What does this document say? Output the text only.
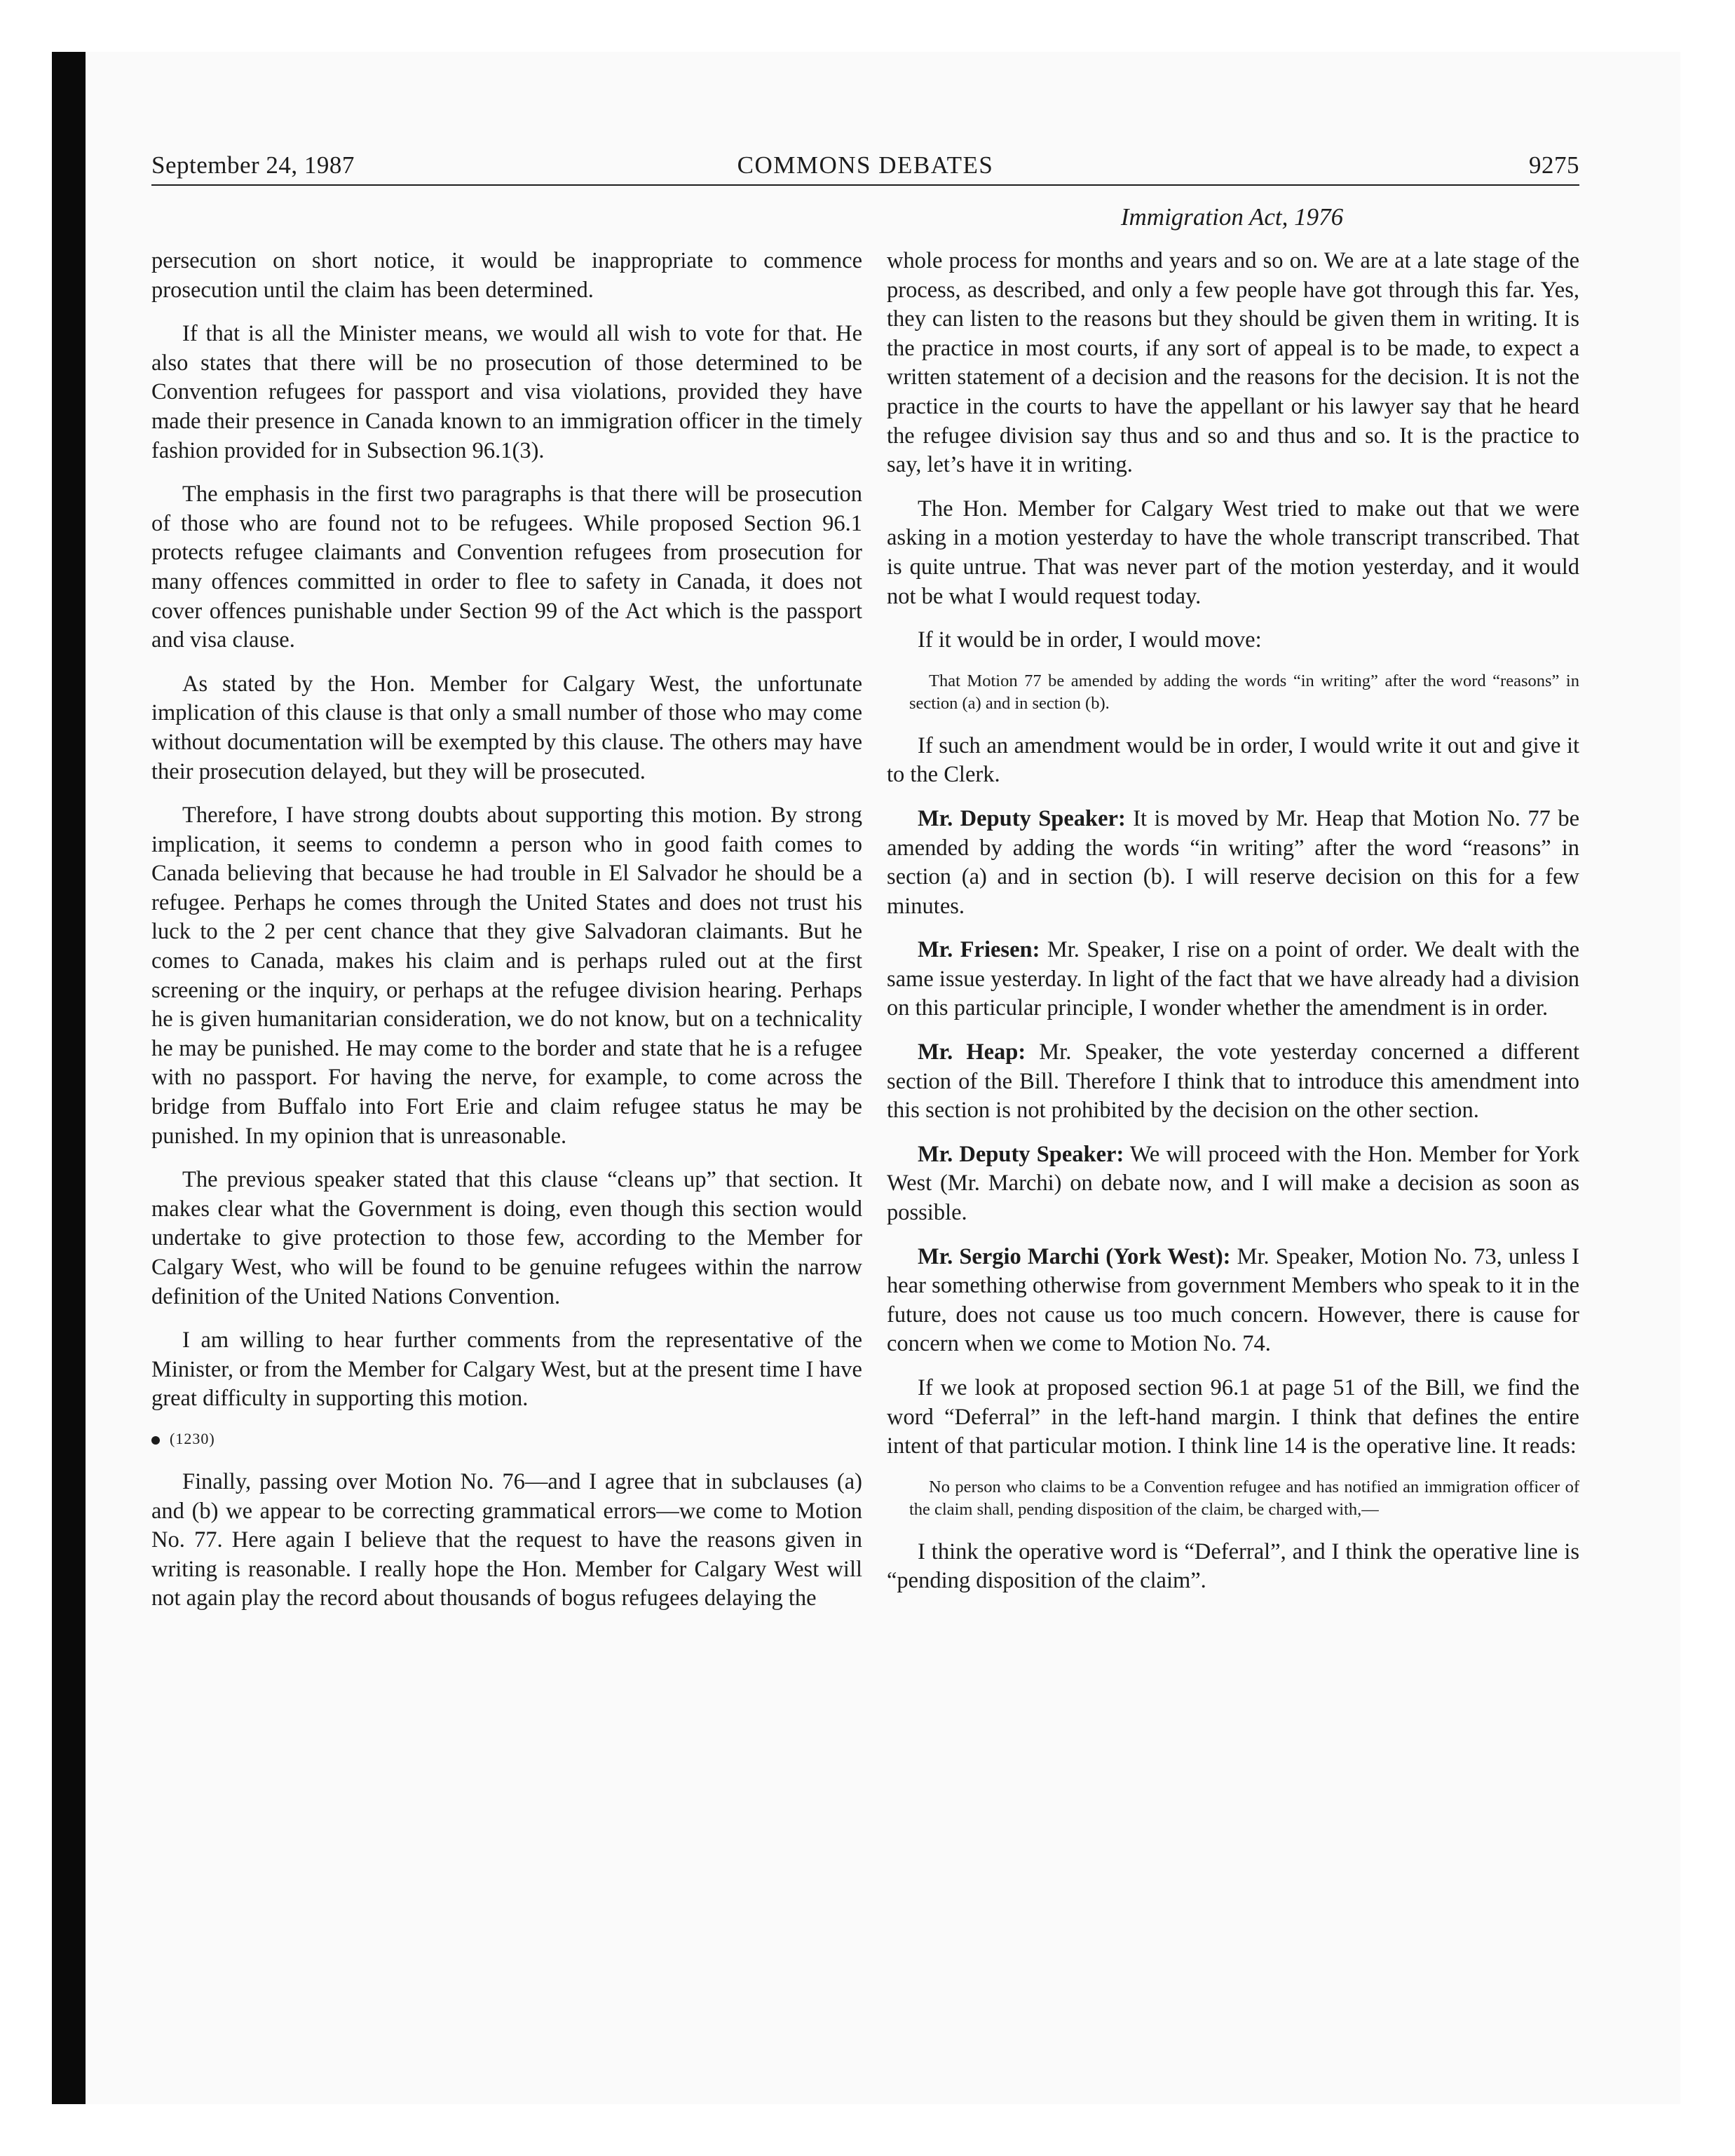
September 24, 1987	COMMONS DEBATES	9275
Immigration Act, 1976

persecution on short notice, it would be inappropriate to commence prosecution until the claim has been determined.

If that is all the Minister means, we would all wish to vote for that. He also states that there will be no prosecution of those determined to be Convention refugees for passport and visa violations, provided they have made their presence in Canada known to an immigration officer in the timely fashion provided for in Subsection 96.1(3).

The emphasis in the first two paragraphs is that there will be prosecution of those who are found not to be refugees. While proposed Section 96.1 protects refugee claimants and Convention refugees from prosecution for many offences committed in order to flee to safety in Canada, it does not cover offences punishable under Section 99 of the Act which is the passport and visa clause.

As stated by the Hon. Member for Calgary West, the unfortunate implication of this clause is that only a small number of those who may come without documentation will be exempted by this clause. The others may have their prosecution delayed, but they will be prosecuted.

Therefore, I have strong doubts about supporting this motion. By strong implication, it seems to condemn a person who in good faith comes to Canada believing that because he had trouble in El Salvador he should be a refugee. Perhaps he comes through the United States and does not trust his luck to the 2 per cent chance that they give Salvadoran claimants. But he comes to Canada, makes his claim and is perhaps ruled out at the first screening or the inquiry, or perhaps at the refugee division hearing. Perhaps he is given humanitarian consideration, we do not know, but on a technicality he may be punished. He may come to the border and state that he is a refugee with no passport. For having the nerve, for example, to come across the bridge from Buffalo into Fort Erie and claim refugee status he may be punished. In my opinion that is unreasonable.

The previous speaker stated that this clause “cleans up” that section. It makes clear what the Government is doing, even though this section would undertake to give protection to those few, according to the Member for Calgary West, who will be found to be genuine refugees within the narrow definition of the United Nations Convention.

I am willing to hear further comments from the representative of the Minister, or from the Member for Calgary West, but at the present time I have great difficulty in supporting this motion.

(1230)

Finally, passing over Motion No. 76—and I agree that in subclauses (a) and (b) we appear to be correcting grammatical errors—we come to Motion No. 77. Here again I believe that the request to have the reasons given in writing is reasonable. I really hope the Hon. Member for Calgary West will not again play the record about thousands of bogus refugees delaying the

whole process for months and years and so on. We are at a late stage of the process, as described, and only a few people have got through this far. Yes, they can listen to the reasons but they should be given them in writing. It is the practice in most courts, if any sort of appeal is to be made, to expect a written statement of a decision and the reasons for the decision. It is not the practice in the courts to have the appellant or his lawyer say that he heard the refugee division say thus and so and thus and so. It is the practice to say, let’s have it in writing.

The Hon. Member for Calgary West tried to make out that we were asking in a motion yesterday to have the whole transcript transcribed. That is quite untrue. That was never part of the motion yesterday, and it would not be what I would request today.

If it would be in order, I would move:

That Motion 77 be amended by adding the words “in writing” after the word “reasons” in section (a) and in section (b).

If such an amendment would be in order, I would write it out and give it to the Clerk.

Mr. Deputy Speaker: It is moved by Mr. Heap that Motion No. 77 be amended by adding the words “in writing” after the word “reasons” in section (a) and in section (b). I will reserve decision on this for a few minutes.

Mr. Friesen: Mr. Speaker, I rise on a point of order. We dealt with the same issue yesterday. In light of the fact that we have already had a division on this particular principle, I wonder whether the amendment is in order.

Mr. Heap: Mr. Speaker, the vote yesterday concerned a different section of the Bill. Therefore I think that to introduce this amendment into this section is not prohibited by the decision on the other section.

Mr. Deputy Speaker: We will proceed with the Hon. Member for York West (Mr. Marchi) on debate now, and I will make a decision as soon as possible.

Mr. Sergio Marchi (York West): Mr. Speaker, Motion No. 73, unless I hear something otherwise from government Members who speak to it in the future, does not cause us too much concern. However, there is cause for concern when we come to Motion No. 74.

If we look at proposed section 96.1 at page 51 of the Bill, we find the word “Deferral” in the left-hand margin. I think that defines the entire intent of that particular motion. I think line 14 is the operative line. It reads:

No person who claims to be a Convention refugee and has notified an immigration officer of the claim shall, pending disposition of the claim, be charged with,—

I think the operative word is “Deferral”, and I think the operative line is “pending disposition of the claim”.
